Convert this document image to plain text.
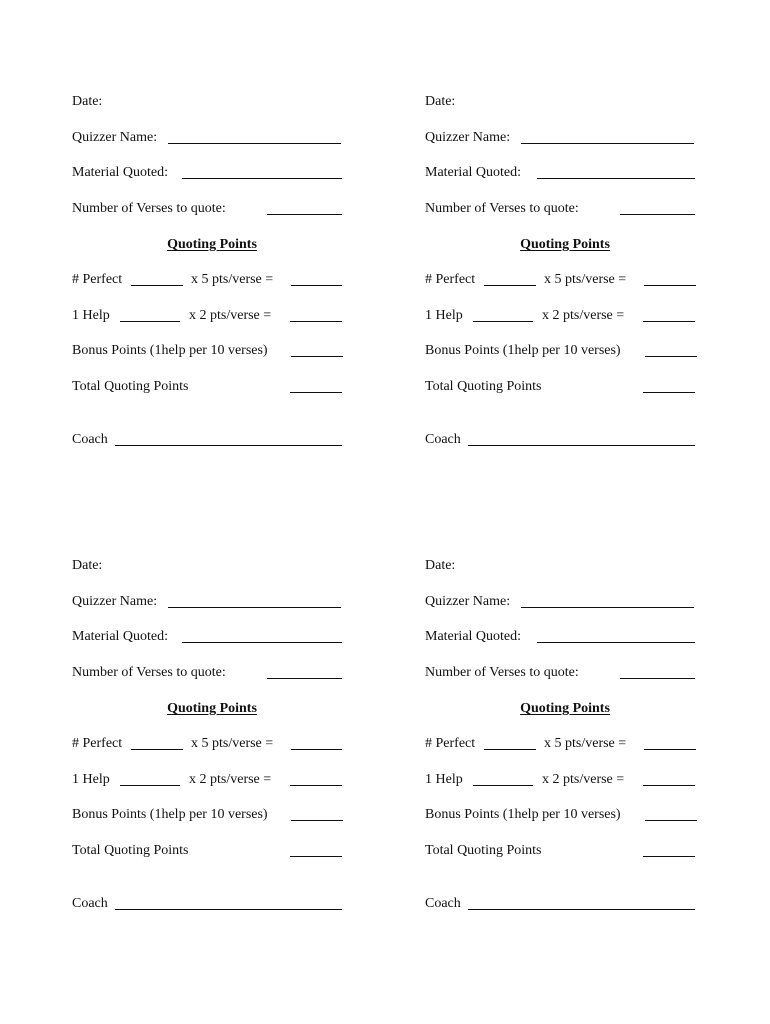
Date:
Quizzer Name:
Material Quoted:
Number of Verses to quote:
Quoting Points
# Perfect	x 5 pts/verse =
1 Help	x 2 pts/verse =
Bonus Points (1help per 10 verses)
Total Quoting Points
Coach
Date:
Quizzer Name:
Material Quoted:
Number of Verses to quote:
Quoting Points
# Perfect	x 5 pts/verse =
1 Help	x 2 pts/verse =
Bonus Points (1help per 10 verses)
Total Quoting Points
Coach
Date:
Quizzer Name:
Material Quoted:
Number of Verses to quote:
Quoting Points
# Perfect	x 5 pts/verse =
1 Help	x 2 pts/verse =
Bonus Points (1help per 10 verses)
Total Quoting Points
Coach
Date:
Quizzer Name:
Material Quoted:
Number of Verses to quote:
Quoting Points
# Perfect	x 5 pts/verse =
1 Help	x 2 pts/verse =
Bonus Points (1help per 10 verses)
Total Quoting Points
Coach
